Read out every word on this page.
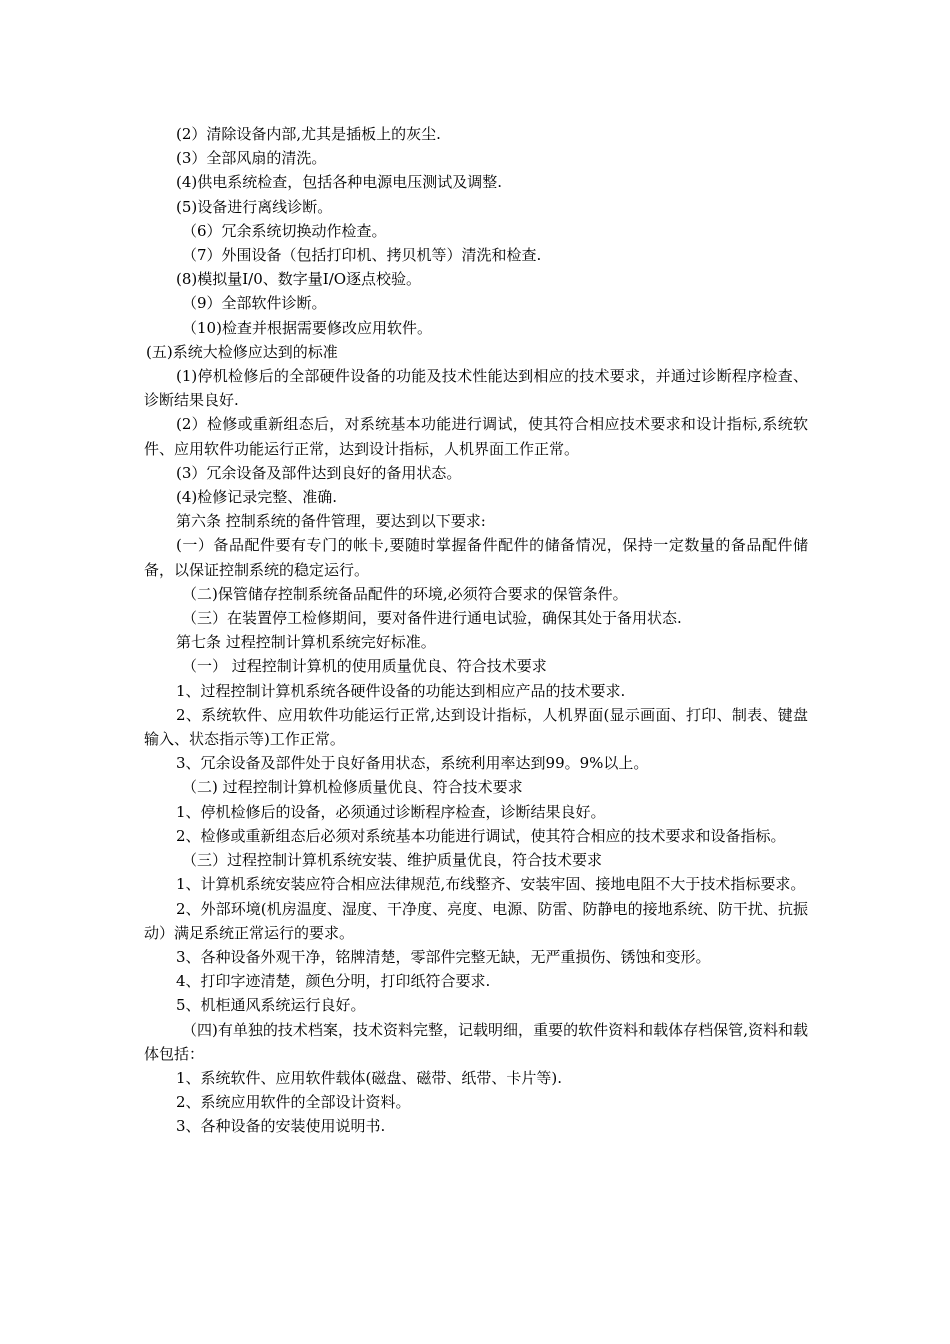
(2）清除设备内部,尤其是插板上的灰尘.

(3）全部风扇的清洗。

(4)供电系统检查，包括各种电源电压测试及调整.

(5)设备进行离线诊断。

（6）冗余系统切换动作检查。

（7）外围设备（包括打印机、拷贝机等）清洗和检查.

(8)模拟量I/0、数字量I/O逐点校验。

（9）全部软件诊断。

（10)检查并根据需要修改应用软件。

(五)系统大检修应达到的标准

(1)停机检修后的全部硬件设备的功能及技术性能达到相应的技术要求，并通过诊断程序检查、诊断结果良好.

(2）检修或重新组态后，对系统基本功能进行调试，使其符合相应技术要求和设计指标,系统软件、应用软件功能运行正常，达到设计指标，人机界面工作正常。

(3）冗余设备及部件达到良好的备用状态。

(4)检修记录完整、准确.

第六条 控制系统的备件管理，要达到以下要求:

(一）备品配件要有专门的帐卡,要随时掌握备件配件的储备情况，保持一定数量的备品配件储备，以保证控制系统的稳定运行。

（二)保管储存控制系统备品配件的环境,必须符合要求的保管条件。

（三）在装置停工检修期间，要对备件进行通电试验，确保其处于备用状态.

第七条 过程控制计算机系统完好标准。

（一） 过程控制计算机的使用质量优良、符合技术要求

1、过程控制计算机系统各硬件设备的功能达到相应产品的技术要求.

2、系统软件、应用软件功能运行正常,达到设计指标，人机界面(显示画面、打印、制表、键盘输入、状态指示等)工作正常。

3、冗余设备及部件处于良好备用状态，系统利用率达到99。9%以上。

（二) 过程控制计算机检修质量优良、符合技术要求

1、停机检修后的设备，必须通过诊断程序检查，诊断结果良好。

2、检修或重新组态后必须对系统基本功能进行调试，使其符合相应的技术要求和设备指标。

（三）过程控制计算机系统安装、维护质量优良，符合技术要求

1、计算机系统安装应符合相应法律规范,布线整齐、安装牢固、接地电阻不大于技术指标要求。

2、外部环境(机房温度、湿度、干净度、亮度、电源、防雷、防静电的接地系统、防干扰、抗振动）满足系统正常运行的要求。

3、各种设备外观干净，铭牌清楚，零部件完整无缺，无严重损伤、锈蚀和变形。

4、打印字迹清楚，颜色分明，打印纸符合要求.

5、机柜通风系统运行良好。

（四)有单独的技术档案，技术资料完整，记载明细，重要的软件资料和载体存档保管,资料和载体包括：

1、系统软件、应用软件载体(磁盘、磁带、纸带、卡片等).

2、系统应用软件的全部设计资料。

3、各种设备的安装使用说明书.
